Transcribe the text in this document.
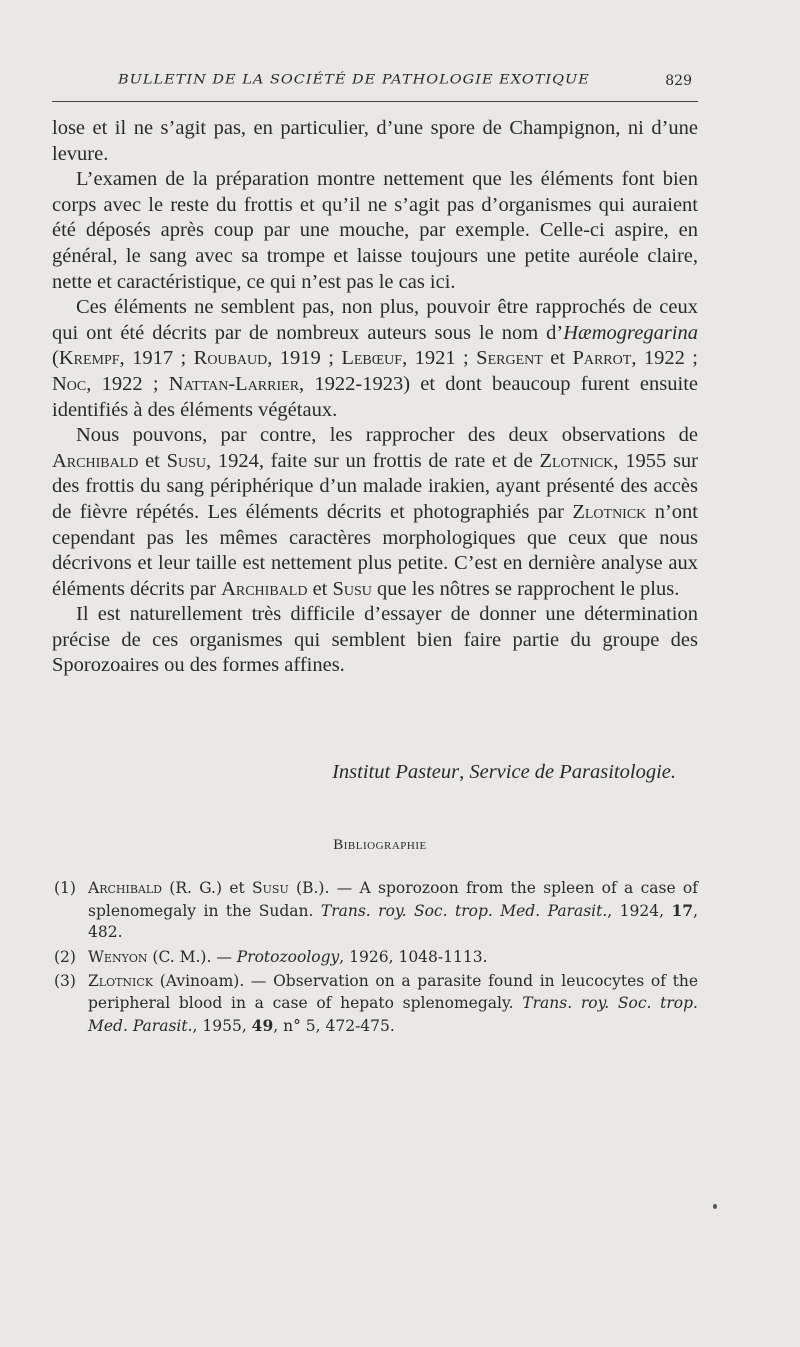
BULLETIN DE LA SOCIÉTÉ DE PATHOLOGIE EXOTIQUE	829

lose et il ne s’agit pas, en particulier, d’une spore de Champignon, ni d’une levure.

L’examen de la préparation montre nettement que les éléments font bien corps avec le reste du frottis et qu’il ne s’agit pas d’organismes qui auraient été déposés après coup par une mouche, par exemple. Celle-ci aspire, en général, le sang avec sa trompe et laisse toujours une petite auréole claire, nette et caractéristique, ce qui n’est pas le cas ici.

Ces éléments ne semblent pas, non plus, pouvoir être rapprochés de ceux qui ont été décrits par de nombreux auteurs sous le nom d’Hæmogregarina (Krempf, 1917 ; Roubaud, 1919 ; Lebœuf, 1921 ; Sergent et Parrot, 1922 ; Noc, 1922 ; Nattan-Larrier, 1922-1923) et dont beaucoup furent ensuite identifiés à des éléments végétaux.

Nous pouvons, par contre, les rapprocher des deux observations de Archibald et Susu, 1924, faite sur un frottis de rate et de Zlotnick, 1955 sur des frottis du sang périphérique d’un malade irakien, ayant présenté des accès de fièvre répétés. Les éléments décrits et photographiés par Zlotnick n’ont cependant pas les mêmes caractères morphologiques que ceux que nous décrivons et leur taille est nettement plus petite. C’est en dernière analyse aux éléments décrits par Archibald et Susu que les nôtres se rapprochent le plus.

Il est naturellement très difficile d’essayer de donner une détermination précise de ces organismes qui semblent bien faire partie du groupe des Sporozoaires ou des formes affines.

Institut Pasteur, Service de Parasitologie.
Bibliographie
(1) Archibald (R. G.) et Susu (B.). — A sporozoon from the spleen of a case of splenomegaly in the Sudan. Trans. roy. Soc. trop. Med. Parasit., 1924, 17, 482.
(2) Wenyon (C. M.). — Protozoology, 1926, 1048-1113.
(3) Zlotnick (Avinoam). — Observation on a parasite found in leucocytes of the peripheral blood in a case of hepato splenomegaly. Trans. roy. Soc. trop. Med. Parasit., 1955, 49, n° 5, 472-475.
